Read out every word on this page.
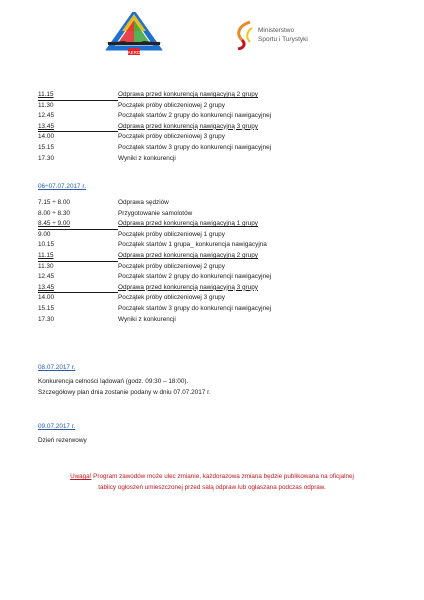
AERO
Ministerstwo
Sportu i Turystyki
11.15	Odprawa przed konkurencją nawigacyjną 2 grupy
11.30	Początek próby obliczeniowej 2 grupy
12.45	Początek startów 2 grupy do konkurencji nawigacyjnej
13.45	Odprawa przed konkurencją nawigacyjną 3 grupy
14.00	Początek próby obliczeniowej 3 grupy
15.15	Początek startów 3 grupy do konkurencji nawigacyjnej
17.30	Wyniki z konkurencji
06÷07.07.2017 r.
7.15 ÷ 8.00	Odprawa sędziów
8.00 ÷ 8.30	Przygotowanie samolotów
8.45 ÷ 9.00	Odprawa przed konkurencją nawigacyjną 1 grupy
9.00	Początek próby obliczeniowej 1 grupy
10.15	Początek startów 1 grupa_ konkurencja nawigacyjna
11.15	Odprawa przed konkurencją nawigacyjną 2 grupy
11.30	Początek próby obliczeniowej 2 grupy
12.45	Początek startów 2 grupy do konkurencji nawigacyjnej
13.45	Odprawa przed konkurencją nawigacyjną 3 grupy
14.00	Początek próby obliczeniowej 3 grupy
15.15	Początek startów 3 grupy do konkurencji nawigacyjnej
17.30	Wyniki z konkurencji
08.07.2017 r.
Konkurencja celności lądowań (godz. 09:30 – 18:00).
Szczegółowy plan dnia zostanie podany w dniu 07.07.2017 r.
09.07.2017 r.
Dzień rezerwowy
Uwaga! Program zawodów może ulec zmianie, każdorazowa zmiana będzie publikowana na oficjalnej
tablicy ogłoszeń umieszczonej przed salą odpraw lub ogłaszana podczas odpraw.
